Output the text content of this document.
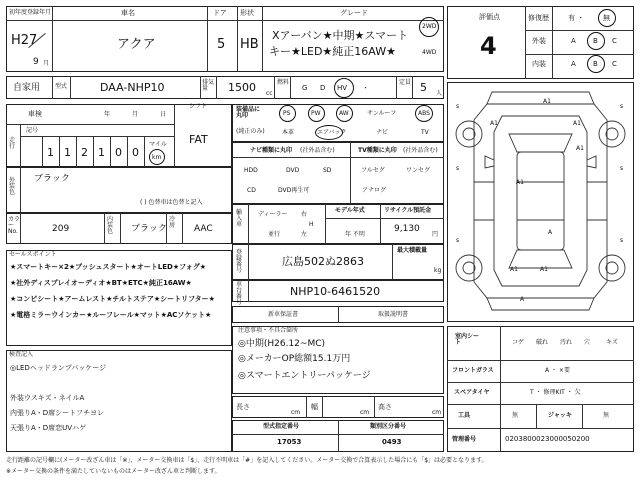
初年度登録年月	車名	ドア 形状	グレード
H27
9 月
アクア	5 HB
Xアーバン★中期★スマート
キー★LED★純正16AW★
2WD
4WD
自家用 型式	DAA-NHP10	排気量	1500 cc
燃料
G D HV ・
定員 5 人
車検	年	月	日
走行
記号
1 1 2 1 0 0
マイル
km
シフト
FAT
外装色
ブラック
( ) 色替車は色替と記入
カラーNo.	209
内装色	ブラック
冷房	AAC
セールスポイント
★スマートキー×2★プッシュスタート★オートLED★フォグ★
★社外ディスプレイオーディオ★BT★ETC★純正16AW★
★コンビシート★アームレスト★チルトステア★シートリフター★
★電格ミラーウインカー★ルーフレール★マット★ACソケット★
検査記入
◎LEDヘッドランプパッケージ
外装ウスキズ・ネイルA
内張りA・D席シートフチヨレ
天張りA・D席恋UVハゲ
装備品に丸印
(純正のみ)
PS	PW	AW	サンルーフ	ABS
本革	エアバック	ナビ	TV
ナビ種類に丸印 (社外品含む)	TV種類に丸印 (社外品含む)
HDD	DVD	SD
CD	DVD再生可
フルセグ	ワンセグ
アナログ
輸入車
ディーラー
並行
右
H
左
モデル年式
年 不明
リサイクル預託金
9,130
円
登録番号
広島502ぬ2863
最大積載量
kg
車台番号
NHP10-6461520
新車保証書	取扱説明書
注意事項・不具合箇所
◎中期(H26.12~MC)
◎メーカーOP総額15.1万円
◎スマートエントリーパッケージ
長さ
cm
幅
cm
高さ
cm
型式指定番号	類別区分番号
17053	0493
評価点
4
修復歴	有 ・	無
外装	A B C
内装	A B C
A1
A1	A1
A1
A1
A1	A1
A
A
s	s
s	s
s	s
室内シート	コゲ 破れ 汚れ 穴	キズ
フロントガラス	A ・ ×要
スペアタイヤ	T ・ 修理KIT ・ 欠
工具	無	ジャッキ	無
管理番号	0203800023000050200
走行距離の記号欄に(メーター改ざん車は「※」、メーター交換車は「$」、走行不明車は「#」を記入してください。メーター交換で合算表示した場合にも「$」は必要となります。
※メーター交換の条件を満たしていないものはメーター改ざん車と判断します。
